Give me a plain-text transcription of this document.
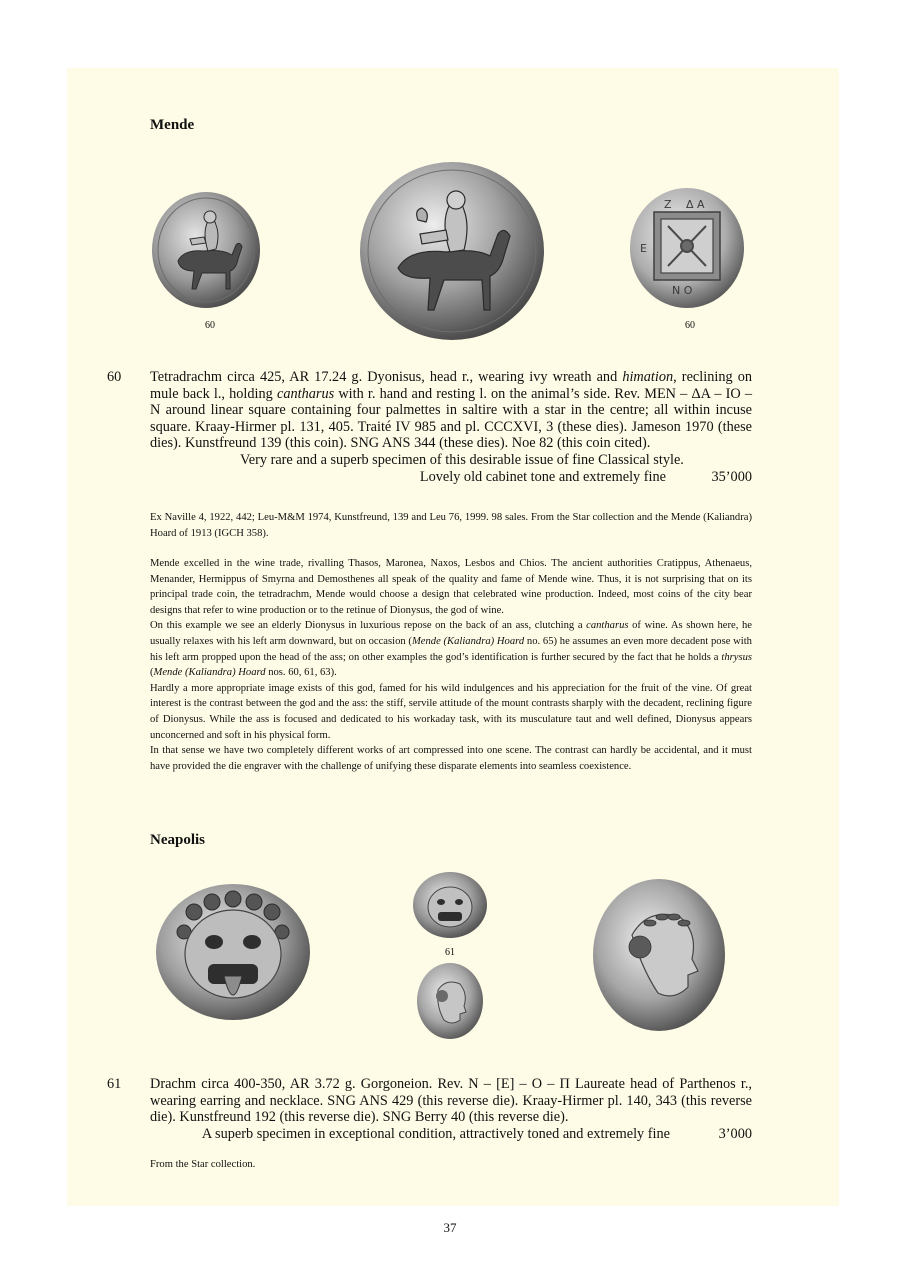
Mende
60
Z Δ A
E
N Ο
60
60 Tetradrachm circa 425, AR 17.24 g. Dyonisus, head r., wearing ivy wreath and himation, reclining on mule back l., holding cantharus with r. hand and resting l. on the animal’s side. Rev. MEN – ΔA – IO – N around linear square containing four palmettes in saltire with a star in the centre; all within incuse square. Kraay-Hirmer pl. 131, 405. Traité IV 985 and pl. CCCXVI, 3 (these dies). Jameson 1970 (these dies). Kunstfreund 139 (this coin). SNG ANS 344 (these dies). Noe 82 (this coin cited).

Very rare and a superb specimen of this desirable issue of fine Classical style.

Lovely old cabinet tone and extremely fine	35’000
Ex Naville 4, 1922, 442; Leu-M&M 1974, Kunstfreund, 139 and Leu 76, 1999. 98 sales. From the Star collection and the Mende (Kaliandra) Hoard of 1913 (IGCH 358).

Mende excelled in the wine trade, rivalling Thasos, Maronea, Naxos, Lesbos and Chios. The ancient authorities Cratippus, Athenaeus, Menander, Hermippus of Smyrna and Demosthenes all speak of the quality and fame of Mende wine. Thus, it is not surprising that on its principal trade coin, the tetradrachm, Mende would choose a design that celebrated wine production. Indeed, most coins of the city bear designs that refer to wine production or to the retinue of Dionysus, the god of wine.

On this example we see an elderly Dionysus in luxurious repose on the back of an ass, clutching a cantharus of wine. As shown here, he usually relaxes with his left arm downward, but on occasion (Mende (Kaliandra) Hoard no. 65) he assumes an even more decadent pose with his left arm propped upon the head of the ass; on other examples the god’s identification is further secured by the fact that he holds a thrysus (Mende (Kaliandra) Hoard nos. 60, 61, 63).

Hardly a more appropriate image exists of this god, famed for his wild indulgences and his appreciation for the fruit of the vine. Of great interest is the contrast between the god and the ass: the stiff, servile attitude of the mount contrasts sharply with the decadent, reclining figure of Dionysus. While the ass is focused and dedicated to his workaday task, with its musculature taut and well defined, Dionysus appears unconcerned and soft in his physical form.

In that sense we have two completely different works of art compressed into one scene. The contrast can hardly be accidental, and it must have provided the die engraver with the challenge of unifying these disparate elements into seamless coexistence.

Neapolis
61
61 Drachm circa 400-350, AR 3.72 g. Gorgoneion. Rev. N – [E] – O – Π Laureate head of Parthenos r., wearing earring and necklace. SNG ANS 429 (this reverse die). Kraay-Hirmer pl. 140, 343 (this reverse die). Kunstfreund 192 (this reverse die). SNG Berry 40 (this reverse die).
A superb specimen in exceptional condition, attractively toned and extremely fine	3’000
From the Star collection.
37
